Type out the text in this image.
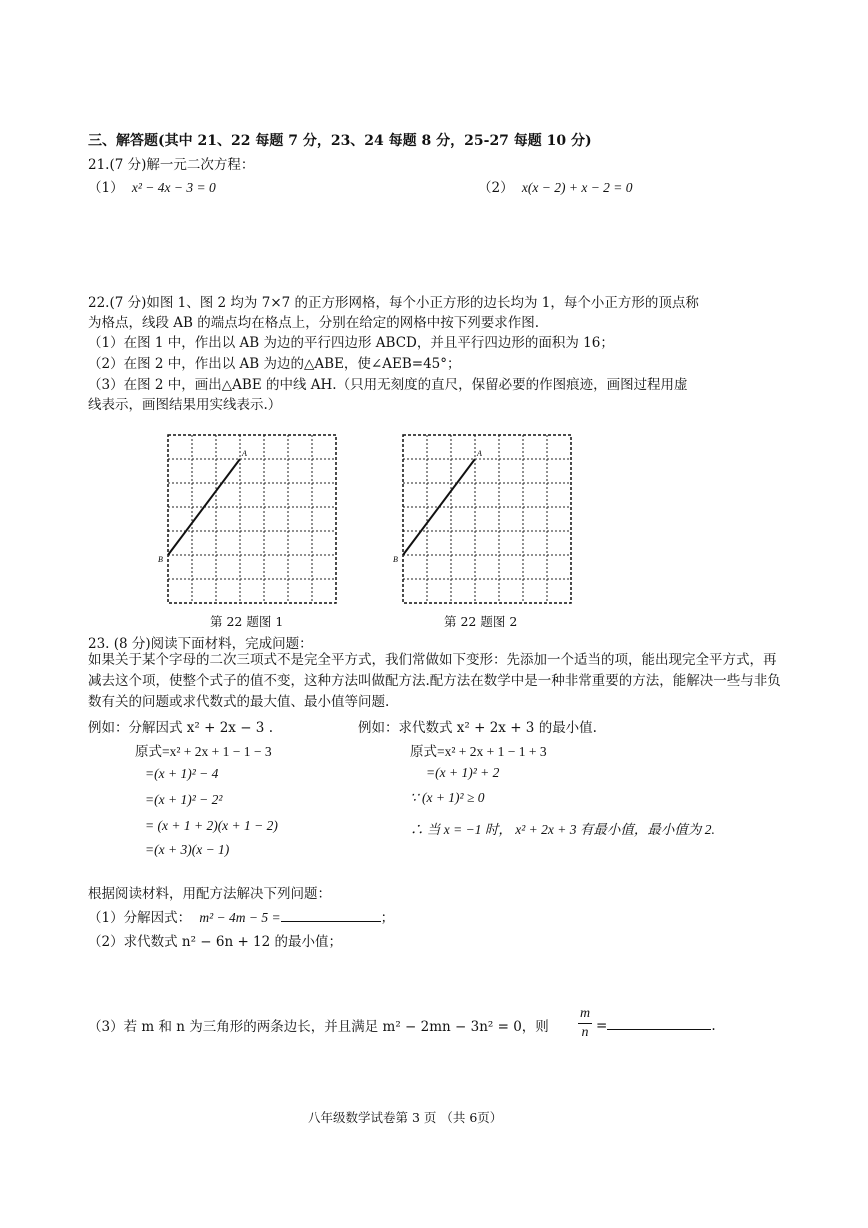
三、解答题(其中 21、22 每题 7 分，23、24 每题 8 分，25-27 每题 10 分)
21.(7 分)解一元二次方程：
（1） x² − 4x − 3 = 0	（2） x(x − 2) + x − 2 = 0
22.(7 分)如图 1、图 2 均为 7×7 的正方形网格，每个小正方形的边长均为 1，每个小正方形的顶点称
为格点，线段 AB 的端点均在格点上，分别在给定的网格中按下列要求作图.
（1）在图 1 中，作出以 AB 为边的平行四边形 ABCD，并且平行四边形的面积为 16；
（2）在图 2 中，作出以 AB 为边的△ABE，使∠AEB=45°；
（3）在图 2 中，画出△ABE 的中线 AH.（只用无刻度的直尺，保留必要的作图痕迹，画图过程用虚
线表示，画图结果用实线表示.）
A
B
第 22 题图 1
A
B
第 22 题图 2
23. (8 分)阅读下面材料，完成问题：
如果关于某个字母的二次三项式不是完全平方式，我们常做如下变形：先添加一个适当的项，能出现完全平方式，再减去这个项，使整个式子的值不变，这种方法叫做配方法.配方法在数学中是一种非常重要的方法，能解决一些与非负数有关的问题或求代数式的最大值、最小值等问题.
例如：分解因式 x² + 2x − 3 .
原式=x² + 2x + 1 − 1 − 3
=(x + 1)² − 4
=(x + 1)² − 2²
= (x + 1 + 2)(x + 1 − 2)
=(x + 3)(x − 1)
例如：求代数式 x² + 2x + 3 的最小值.
原式=x² + 2x + 1 − 1 + 3
=(x + 1)² + 2
∵ (x + 1)² ≥ 0
∴ 当 x = −1 时， x² + 2x + 3 有最小值，最小值为 2.
根据阅读材料，用配方法解决下列问题：
（1）分解因式： m² − 4m − 5 =	；
（2）求代数式 n² − 6n + 12 的最小值；
（3）若 m 和 n 为三角形的两条边长，并且满足 m² − 2mn − 3n² = 0，则
m
n =	.
八年级数学试卷第 3 页 （共 6页）
